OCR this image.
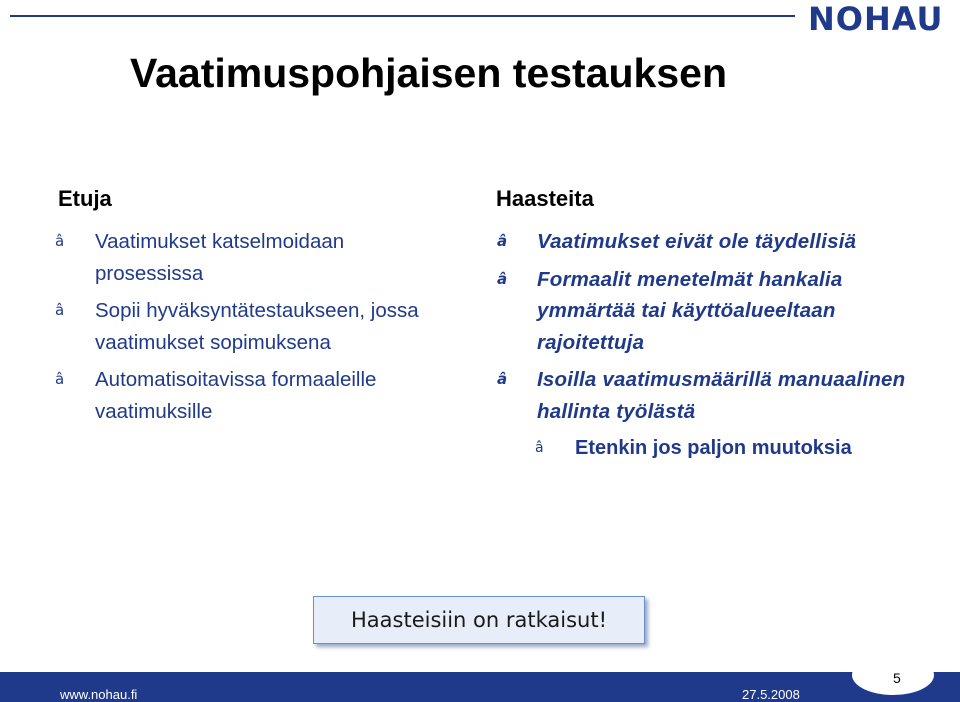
NOHAU
Vaatimuspohjaisen testauksen
Etuja
â Vaatimukset katselmoidaan prosessissa
â Sopii hyväksyntätestaukseen, jossa vaatimukset sopimuksena
â Automatisoitavissa formaaleille vaatimuksille
Haasteita
â Vaatimukset eivät ole täydellisiä
â Formaalit menetelmät hankalia ymmärtää tai käyttöalueeltaan rajoitettuja
â Isoilla vaatimusmäärillä manuaalinen hallinta työlästä
â Etenkin jos paljon muutoksia
Haasteisiin on ratkaisut!
www.nohau.fi	27.5.2008
5
